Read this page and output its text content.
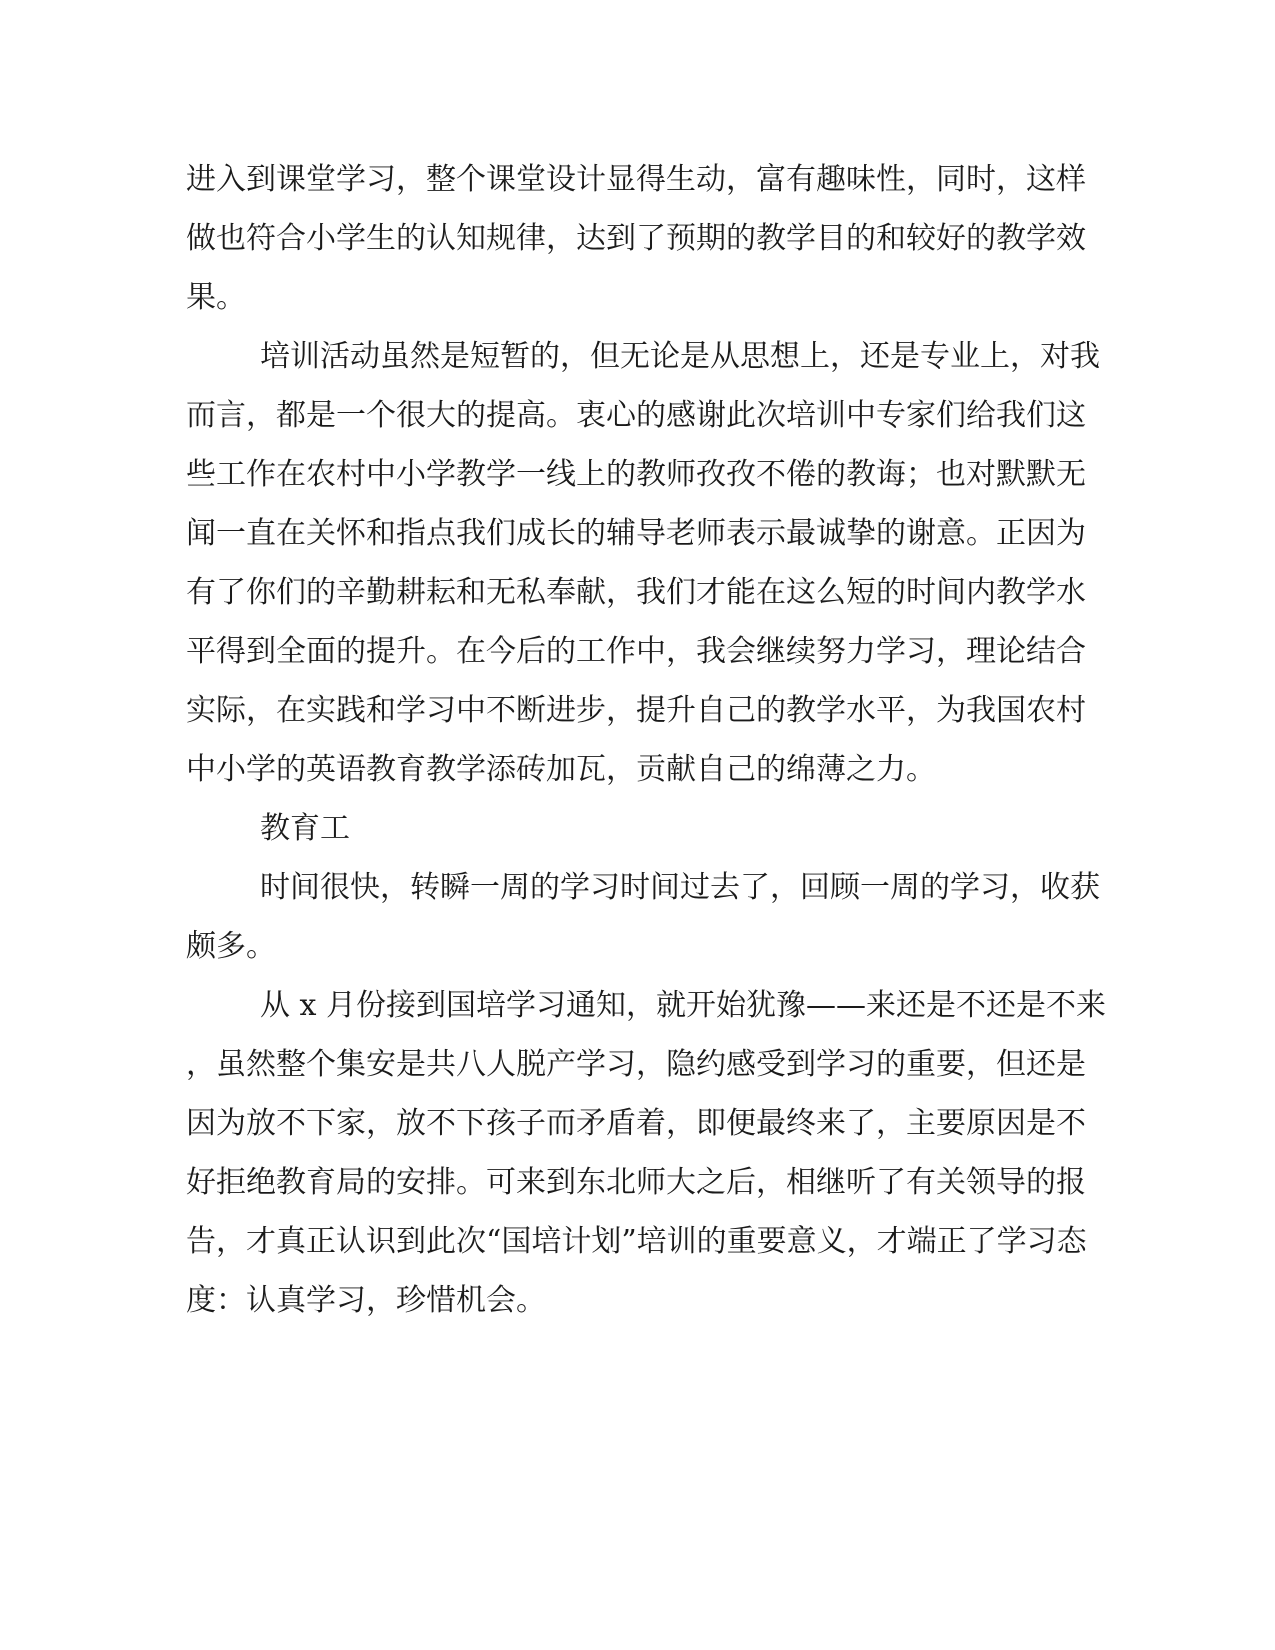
进入到课堂学习，整个课堂设计显得生动，富有趣味性，同时，这样

做也符合小学生的认知规律，达到了预期的教学目的和较好的教学效

果。

培训活动虽然是短暂的，但无论是从思想上，还是专业上，对我

而言，都是一个很大的提高。衷心的感谢此次培训中专家们给我们这

些工作在农村中小学教学一线上的教师孜孜不倦的教诲；也对默默无

闻一直在关怀和指点我们成长的辅导老师表示最诚挚的谢意。正因为

有了你们的辛勤耕耘和无私奉献，我们才能在这么短的时间内教学水

平得到全面的提升。在今后的工作中，我会继续努力学习，理论结合

实际，在实践和学习中不断进步，提升自己的教学水平，为我国农村

中小学的英语教育教学添砖加瓦，贡献自己的绵薄之力。

教育工

时间很快，转瞬一周的学习时间过去了，回顾一周的学习，收获

颇多。

从 x 月份接到国培学习通知，就开始犹豫——来还是不还是不来

，虽然整个集安是共八人脱产学习，隐约感受到学习的重要，但还是

因为放不下家，放不下孩子而矛盾着，即便最终来了，主要原因是不

好拒绝教育局的安排。可来到东北师大之后，相继听了有关领导的报

告，才真正认识到此次“国培计划”培训的重要意义，才端正了学习态

度：认真学习，珍惜机会。
